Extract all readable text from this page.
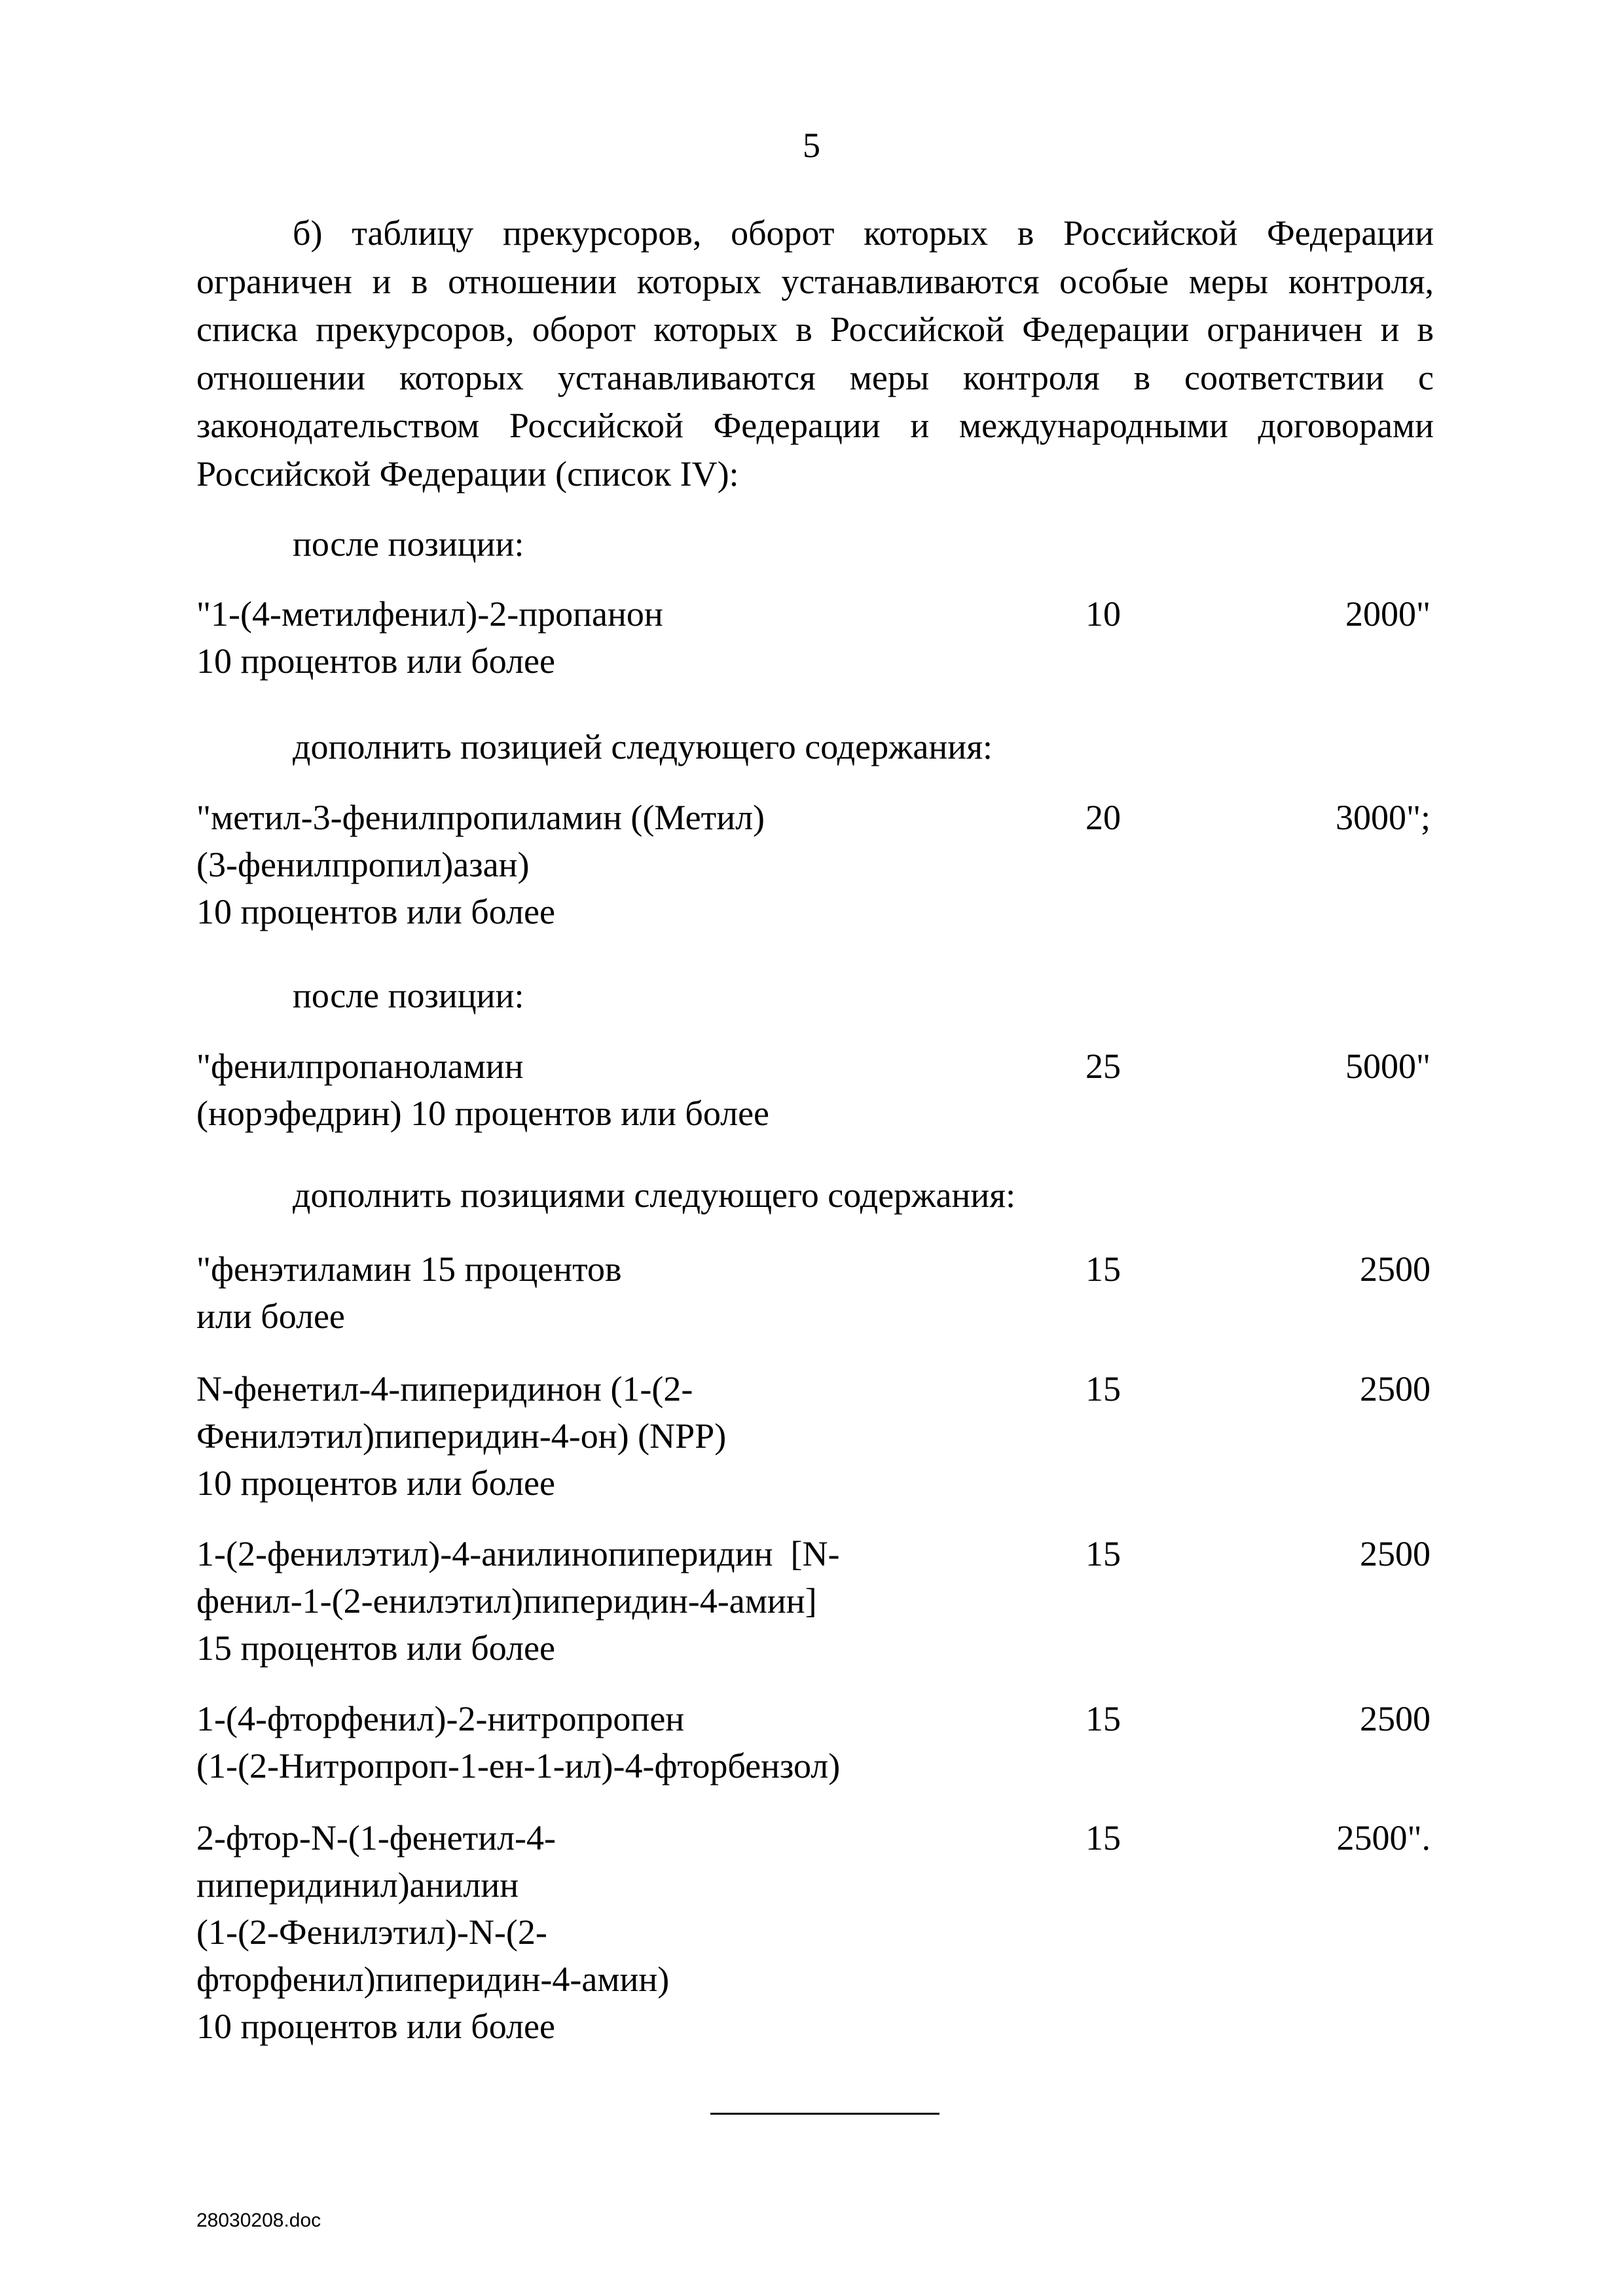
5

б) таблицу прекурсоров, оборот которых в Российской Федерации ограничен и в отношении которых устанавливаются особые меры контроля, списка прекурсоров, оборот которых в Российской Федерации ограничен и в отношении которых устанавливаются меры контроля в соответствии с законодательством Российской Федерации и международными договорами Российской Федерации (список IV):

после позиции:
"1-(4-метилфенил)-2-пропанон
10 процентов или более
10	2000"
дополнить позицией следующего содержания:
"метил-3-фенилпропиламин ((Метил)
(3-фенилпропил)азан)
10 процентов или более
20	3000";
после позиции:
"фенилпропаноламин
(норэфедрин) 10 процентов или более
25	5000"
дополнить позициями следующего содержания:
"фенэтиламин 15 процентов
или более
15	2500
N-фенетил-4-пиперидинон (1-(2-
Фенилэтил)пиперидин-4-он) (NPP)
10 процентов или более
15	2500
1-(2-фенилэтил)-4-анилинопиперидин  [N-
фенил-1-(2-енилэтил)пиперидин-4-амин]
15 процентов или более
15	2500
1-(4-фторфенил)-2-нитропропен
(1-(2-Нитропроп-1-ен-1-ил)-4-фторбензол)
15	2500
2-фтор-N-(1-фенетил-4-
пиперидинил)анилин
(1-(2-Фенилэтил)-N-(2-
фторфенил)пиперидин-4-амин)
10 процентов или более
15	2500".
28030208.doc
